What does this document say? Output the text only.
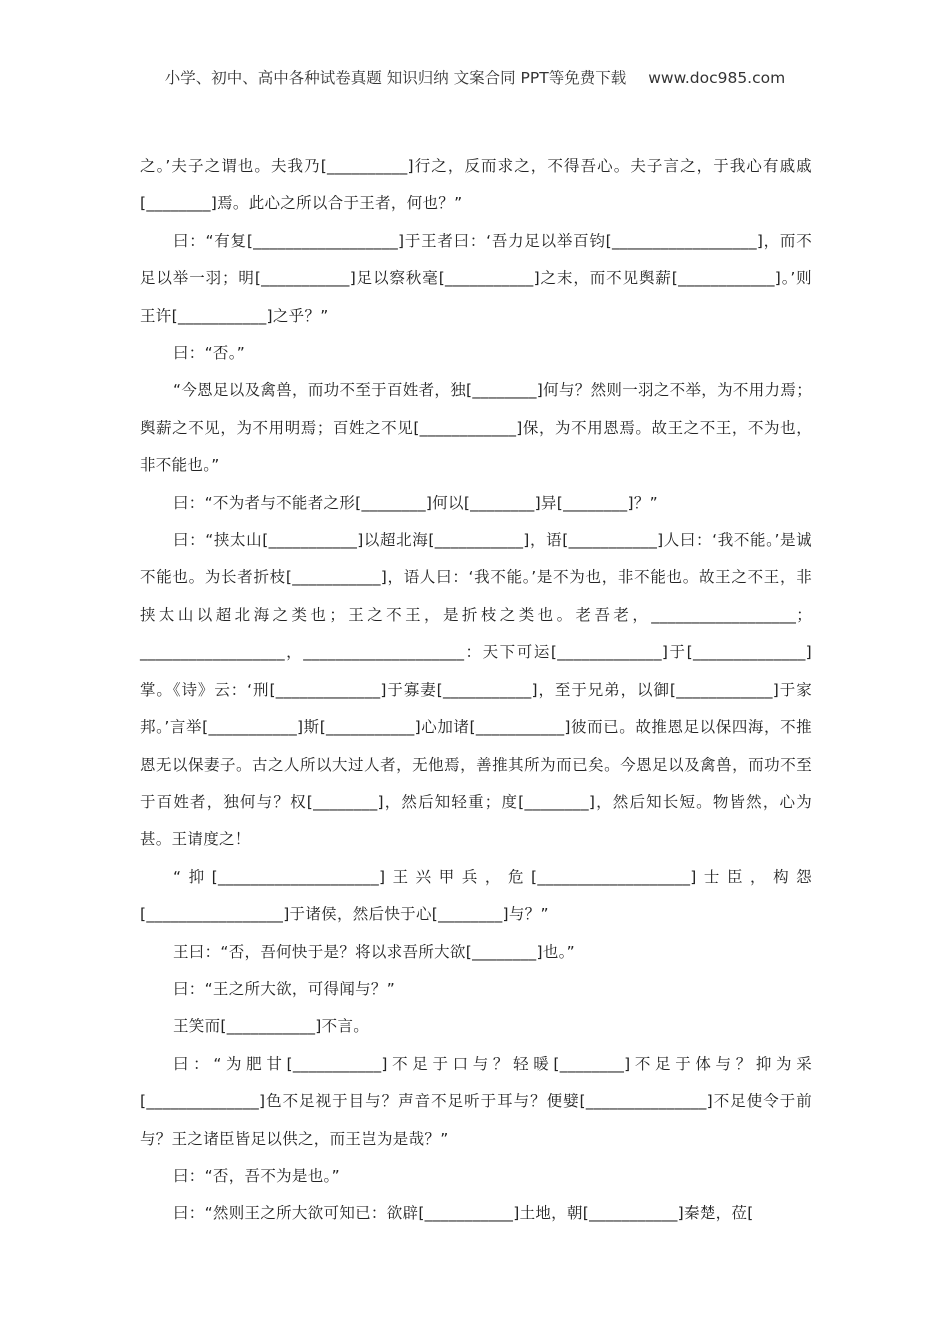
小学、初中、高中各种试卷真题 知识归纳 文案合同 PPT等免费下载 www.doc985.com

之。’夫子之谓也。夫我乃[__________]行之，反而求之，不得吾心。夫子言之，于我心有戚戚[________]焉。此心之所以合于王者，何也？”

曰：“有复[__________________]于王者曰：‘吾力足以举百钧[__________________]，而不足以举一羽；明[___________]足以察秋毫[___________]之末，而不见舆薪[____________]。’则王许[___________]之乎？”

曰：“否。”

“今恩足以及禽兽，而功不至于百姓者，独[________]何与？然则一羽之不举，为不用力焉；舆薪之不见，为不用明焉；百姓之不见[____________]保，为不用恩焉。故王之不王，不为也，非不能也。”

曰：“不为者与不能者之形[________]何以[________]异[________]？”

曰：“挟太山[___________]以超北海[___________]，语[___________]人曰：‘我不能。’是诚不能也。为长者折枝[___________]，语人曰：‘我不能。’是不为也，非不能也。故王之不王，非挟太山以超北海之类也；王之不王，是折枝之类也。老吾老，__________________；__________________，____________________：天下可运[_____________]于[______________]掌。《诗》云：‘刑[_____________]于寡妻[___________]，至于兄弟，以御[____________]于家邦。’言举[___________]斯[___________]心加诸[___________]彼而已。故推恩足以保四海，不推恩无以保妻子。古之人所以大过人者，无他焉，善推其所为而已矣。今恩足以及禽兽，而功不至于百姓者，独何与？权[________]，然后知轻重；度[________]，然后知长短。物皆然，心为甚。王请度之！

“抑[____________________]王兴甲兵，危[___________________]士臣，构怨[_________________]于诸侯，然后快于心[________]与？”

王曰：“否，吾何快于是？将以求吾所大欲[________]也。”

曰：“王之所大欲，可得闻与？”

王笑而[___________]不言。

曰：“为肥甘[___________]不足于口与？轻暖[________]不足于体与？抑为采[______________]色不足视于目与？声音不足听于耳与？便嬖[_______________]不足使令于前与？王之诸臣皆足以供之，而王岂为是哉？”

曰：“否，吾不为是也。”

曰：“然则王之所大欲可知已：欲辟[___________]土地，朝[___________]秦楚，莅[
